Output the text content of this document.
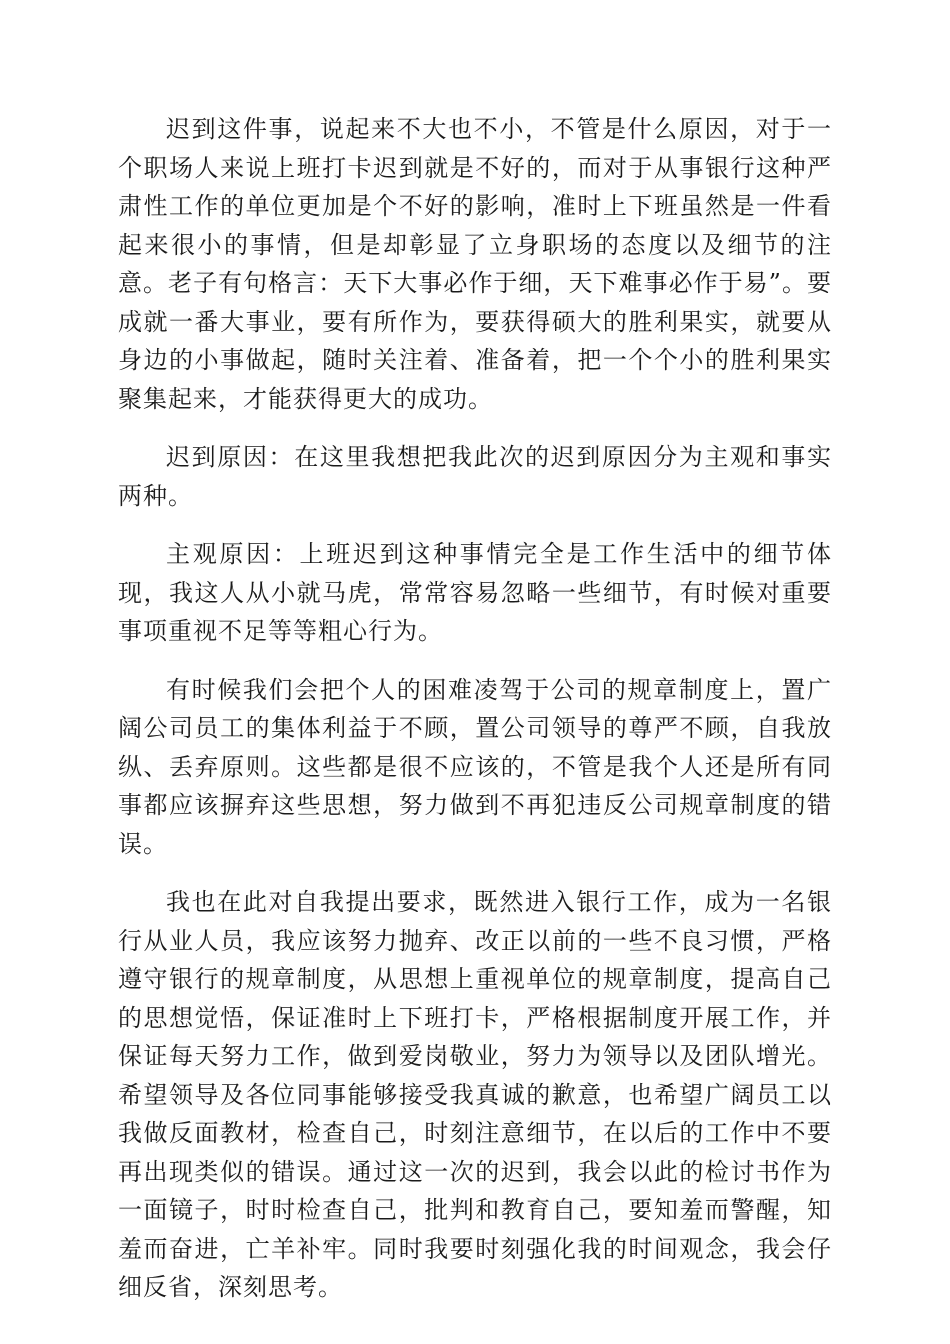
迟到这件事，说起来不大也不小，不管是什么原因，对于一个职场人来说上班打卡迟到就是不好的，而对于从事银行这种严肃性工作的单位更加是个不好的影响，准时上下班虽然是一件看起来很小的事情，但是却彰显了立身职场的态度以及细节的注意。老子有句格言：天下大事必作于细，天下难事必作于易”。要成就一番大事业，要有所作为，要获得硕大的胜利果实，就要从身边的小事做起，随时关注着、准备着，把一个个小的胜利果实聚集起来，才能获得更大的成功。

迟到原因：在这里我想把我此次的迟到原因分为主观和事实两种。

主观原因：上班迟到这种事情完全是工作生活中的细节体现，我这人从小就马虎，常常容易忽略一些细节，有时候对重要事项重视不足等等粗心行为。

有时候我们会把个人的困难凌驾于公司的规章制度上，置广阔公司员工的集体利益于不顾，置公司领导的尊严不顾，自我放纵、丢弃原则。这些都是很不应该的，不管是我个人还是所有同事都应该摒弃这些思想，努力做到不再犯违反公司规章制度的错误。

我也在此对自我提出要求，既然进入银行工作，成为一名银行从业人员，我应该努力抛弃、改正以前的一些不良习惯，严格遵守银行的规章制度，从思想上重视单位的规章制度，提高自己的思想觉悟，保证准时上下班打卡，严格根据制度开展工作，并保证每天努力工作，做到爱岗敬业，努力为领导以及团队增光。希望领导及各位同事能够接受我真诚的歉意，也希望广阔员工以我做反面教材，检查自己，时刻注意细节，在以后的工作中不要再出现类似的错误。通过这一次的迟到，我会以此的检讨书作为一面镜子，时时检查自己，批判和教育自己，要知羞而警醒，知羞而奋进，亡羊补牢。同时我要时刻强化我的时间观念，我会仔细反省，深刻思考。
